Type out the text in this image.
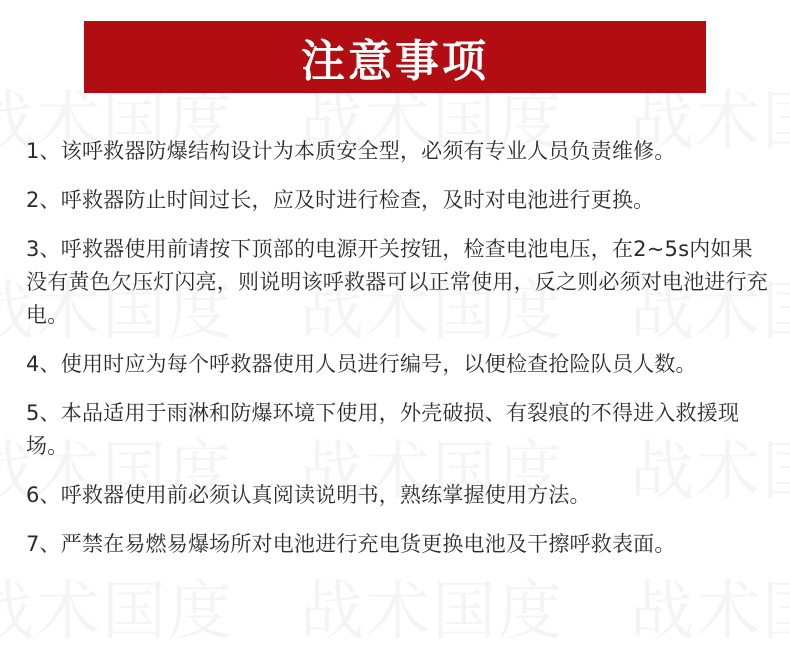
注意事项
1、该呼救器防爆结构设计为本质安全型，必须有专业人员负责维修。
2、呼救器防止时间过长，应及时进行检查，及时对电池进行更换。
3、呼救器使用前请按下顶部的电源开关按钮，检查电池电压，在2~5s内如果没有黄色欠压灯闪亮，则说明该呼救器可以正常使用，反之则必须对电池进行充电。
4、使用时应为每个呼救器使用人员进行编号，以便检查抢险队员人数。
5、本品适用于雨淋和防爆环境下使用，外壳破损、有裂痕的不得进入救援现场。
6、呼救器使用前必须认真阅读说明书，熟练掌握使用方法。
7、严禁在易燃易爆场所对电池进行充电货更换电池及干擦呼救表面。
